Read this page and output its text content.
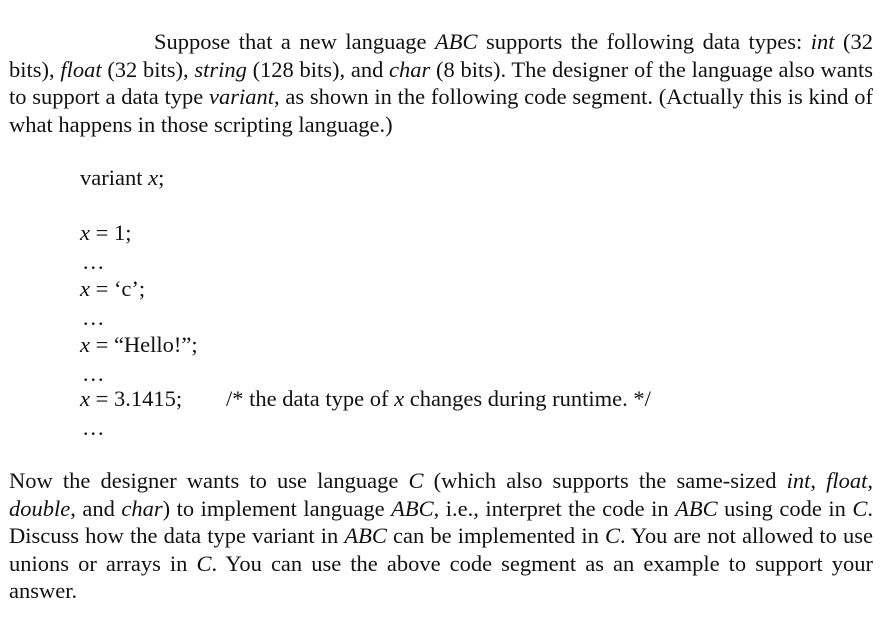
Suppose that a new language ABC supports the following data types: int (32 bits), float (32 bits), string (128 bits), and char (8 bits). The designer of the language also wants to support a data type variant, as shown in the following code segment. (Actually this is kind of what happens in those scripting language.)
variant x;
x = 1;
…
x = ‘c’;
…
x = “Hello!”;
…
x = 3.1415; /* the data type of x changes during runtime. */
…
Now the designer wants to use language C (which also supports the same-sized int, float, double, and char) to implement language ABC, i.e., interpret the code in ABC using code in C. Discuss how the data type variant in ABC can be implemented in C. You are not allowed to use unions or arrays in C. You can use the above code segment as an example to support your answer.
